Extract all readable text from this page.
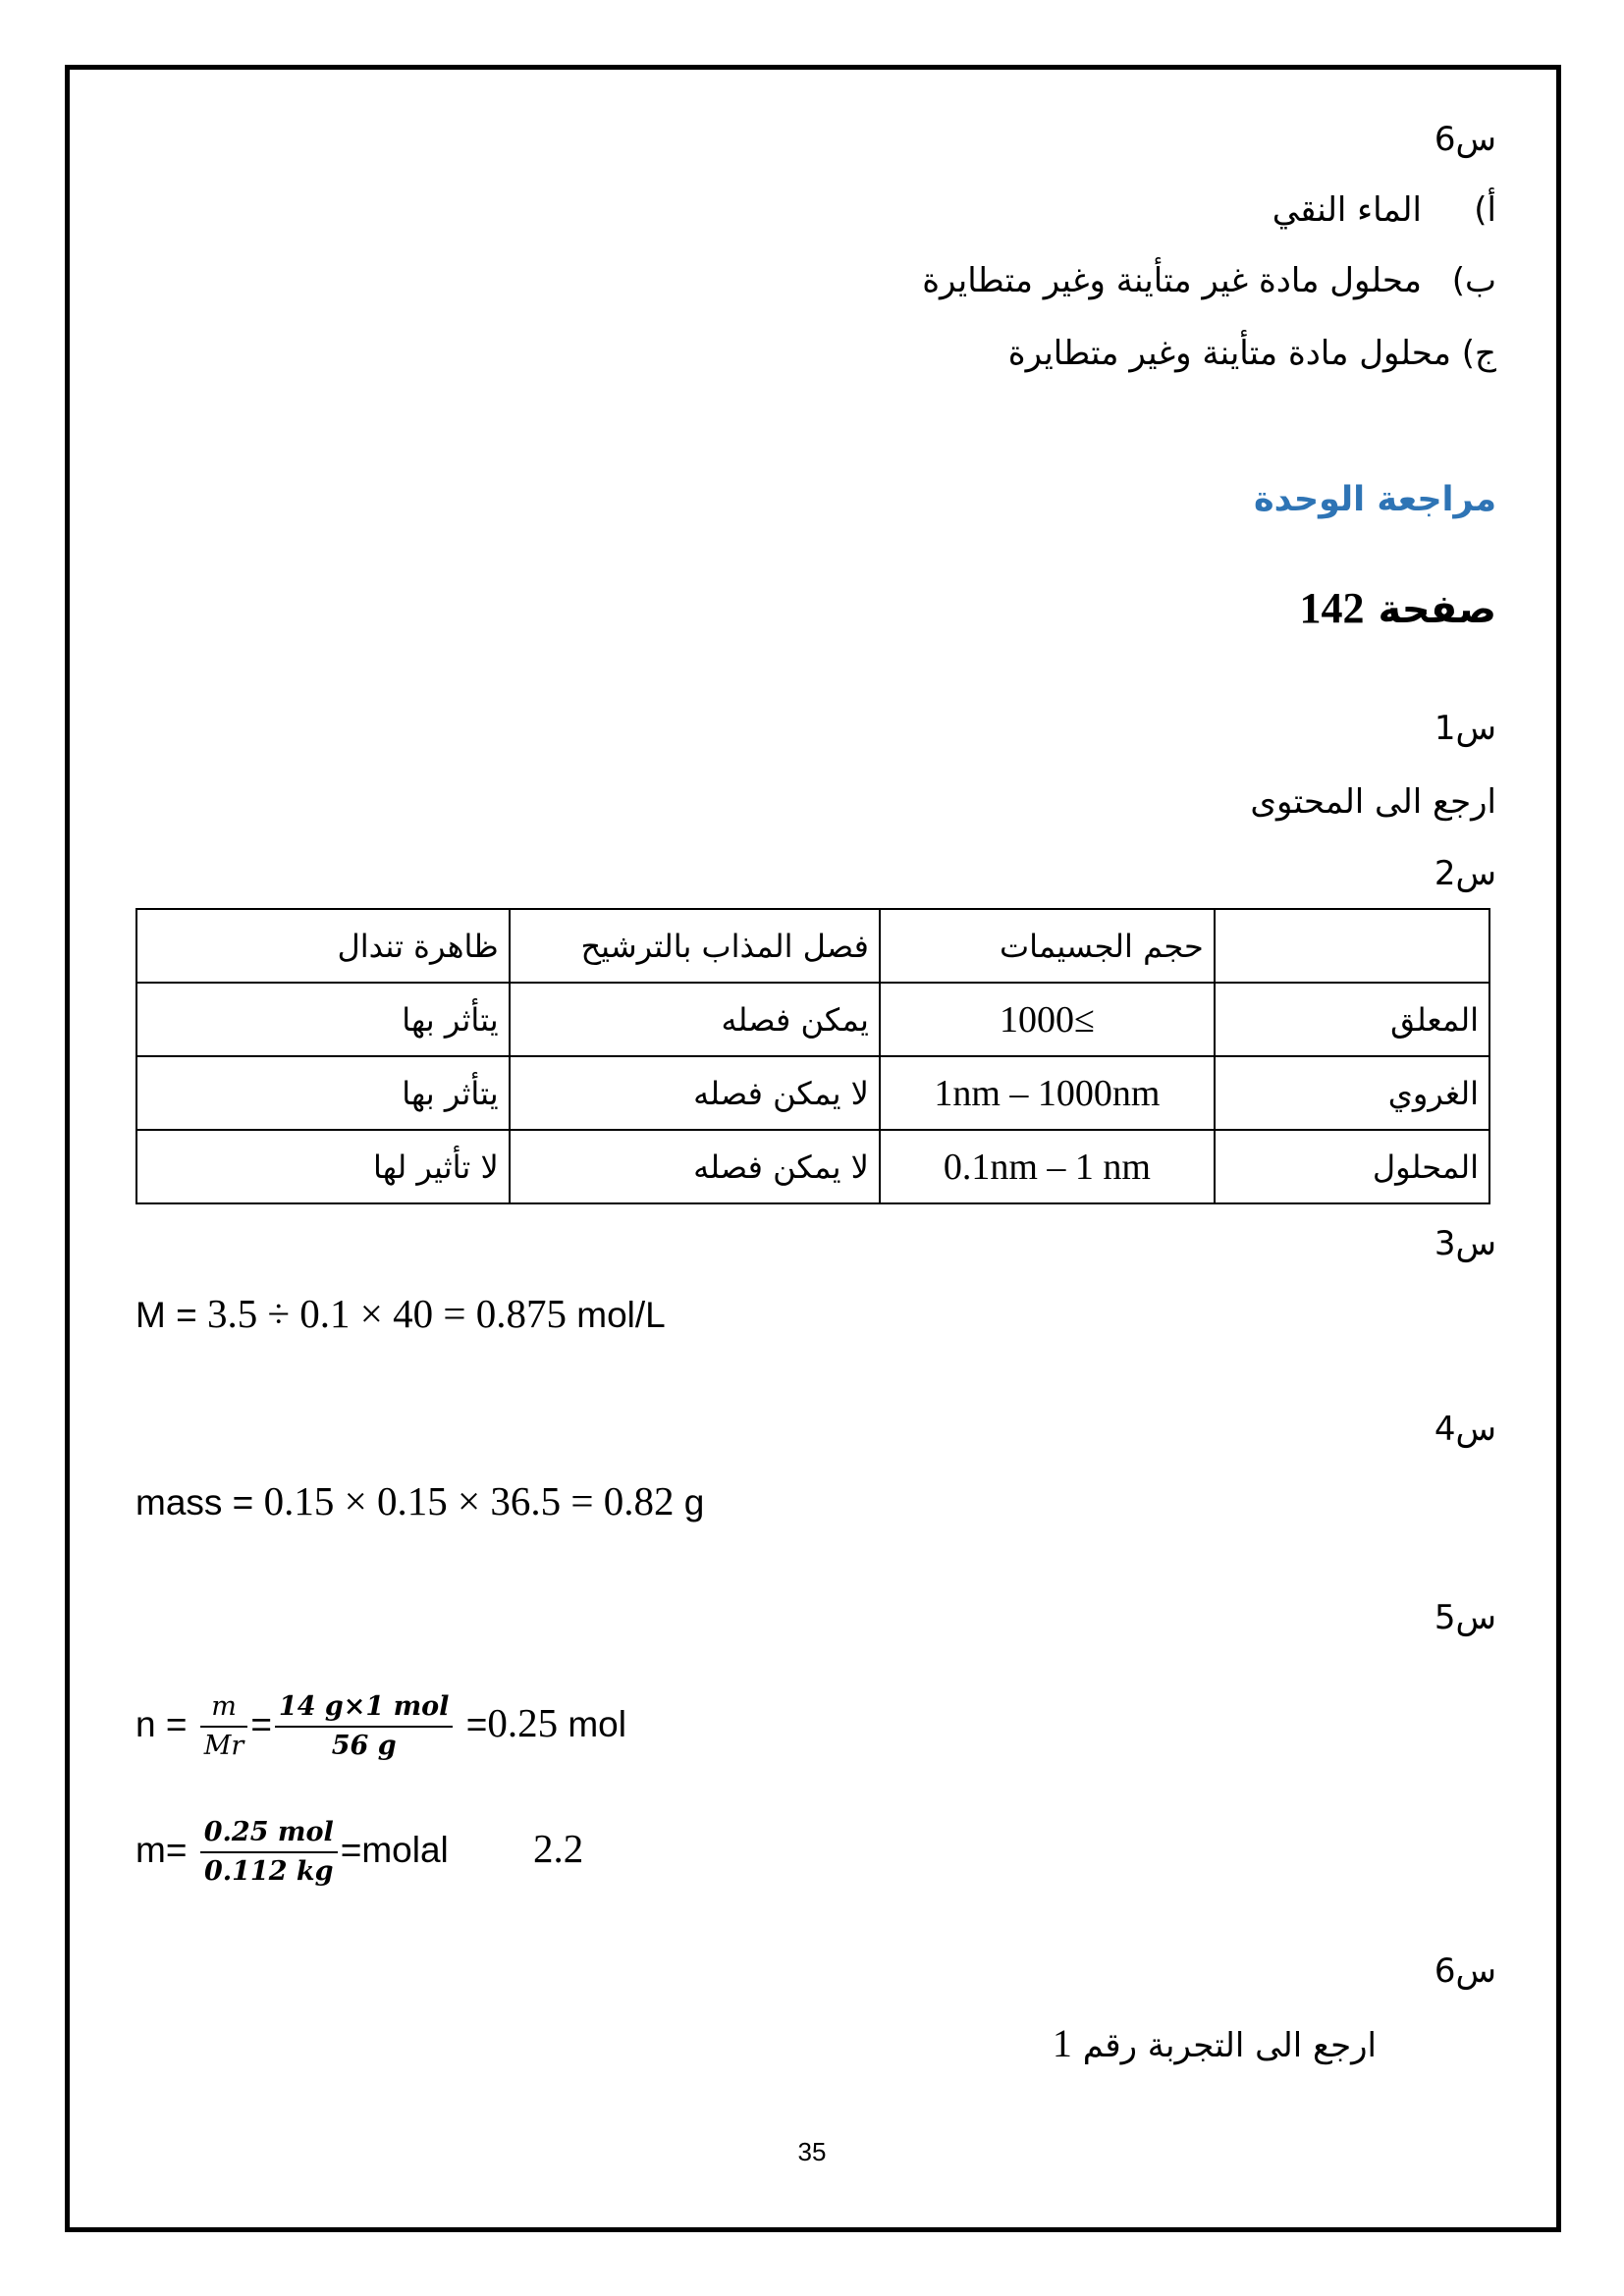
س6
أ)الماء النقي
ب)محلول مادة غير متأينة وغير متطايرة
ج) محلول مادة متأينة وغير متطايرة
مراجعة الوحدة
صفحة 142
س1
ارجع الى المحتوى
س2
	حجم الجسيمات	فصل المذاب بالترشيح	ظاهرة تندال
المعلق	1000≤	يمكن فصله	يتأثر بها
الغروي	1nm – 1000nm	لا يمكن فصله	يتأثر بها
المحلول	0.1nm – 1 nm	لا يمكن فصله	لا تأثير لها
س3
M = 3.5 ÷ 0.1 × 40 = 0.875 mol/L
س4
mass = 0.15 × 0.15 × 36.5 = 0.82 g
س5
$n = \frac{m}{Mr} = \frac{\text{14 g×1 mol}}{56 g} =0.25$ mol
$m= \frac{\text{0.25 mol}}{0.112 kg}$ =molal 2.2
س6
ارجع الى التجربة رقم 1
35
